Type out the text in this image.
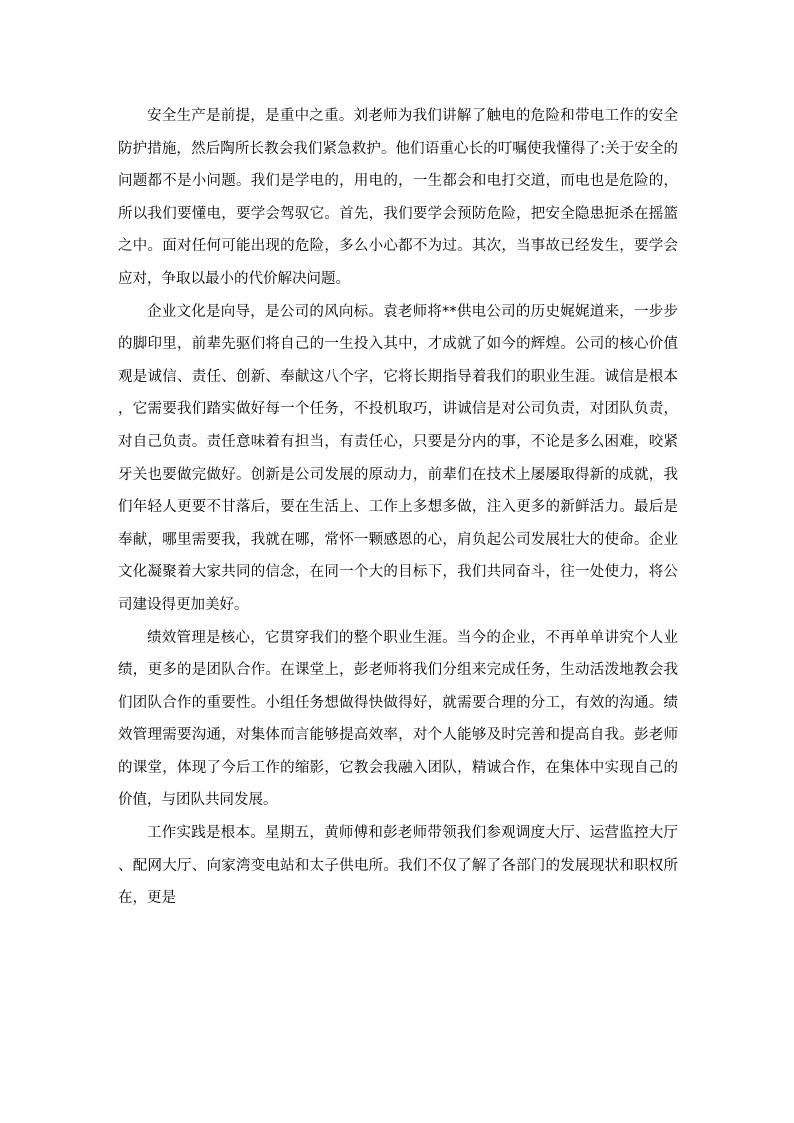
安全生产是前提，是重中之重。刘老师为我们讲解了触电的危险和带电工作的安全防护措施，然后陶所长教会我们紧急救护。他们语重心长的叮嘱使我懂得了:关于安全的问题都不是小问题。我们是学电的，用电的，一生都会和电打交道，而电也是危险的，所以我们要懂电，要学会驾驭它。首先，我们要学会预防危险，把安全隐患扼杀在摇篮之中。面对任何可能出现的危险，多么小心都不为过。其次，当事故已经发生，要学会应对，争取以最小的代价解决问题。

企业文化是向导，是公司的风向标。袁老师将**供电公司的历史娓娓道来，一步步的脚印里，前辈先驱们将自己的一生投入其中，才成就了如今的辉煌。公司的核心价值观是诚信、责任、创新、奉献这八个字，它将长期指导着我们的职业生涯。诚信是根本，它需要我们踏实做好每一个任务，不投机取巧，讲诚信是对公司负责，对团队负责，对自己负责。责任意味着有担当，有责任心，只要是分内的事，不论是多么困难，咬紧牙关也要做完做好。创新是公司发展的原动力，前辈们在技术上屡屡取得新的成就，我们年轻人更要不甘落后，要在生活上、工作上多想多做，注入更多的新鲜活力。最后是奉献，哪里需要我，我就在哪，常怀一颗感恩的心，肩负起公司发展壮大的使命。企业文化凝聚着大家共同的信念，在同一个大的目标下，我们共同奋斗，往一处使力，将公司建设得更加美好。

绩效管理是核心，它贯穿我们的整个职业生涯。当今的企业，不再单单讲究个人业绩，更多的是团队合作。在课堂上，彭老师将我们分组来完成任务，生动活泼地教会我们团队合作的重要性。小组任务想做得快做得好，就需要合理的分工，有效的沟通。绩效管理需要沟通，对集体而言能够提高效率，对个人能够及时完善和提高自我。彭老师的课堂，体现了今后工作的缩影，它教会我融入团队，精诚合作，在集体中实现自己的价值，与团队共同发展。

工作实践是根本。星期五，黄师傅和彭老师带领我们参观调度大厅、运营监控大厅、配网大厅、向家湾变电站和太子供电所。我们不仅了解了各部门的发展现状和职权所在，更是
